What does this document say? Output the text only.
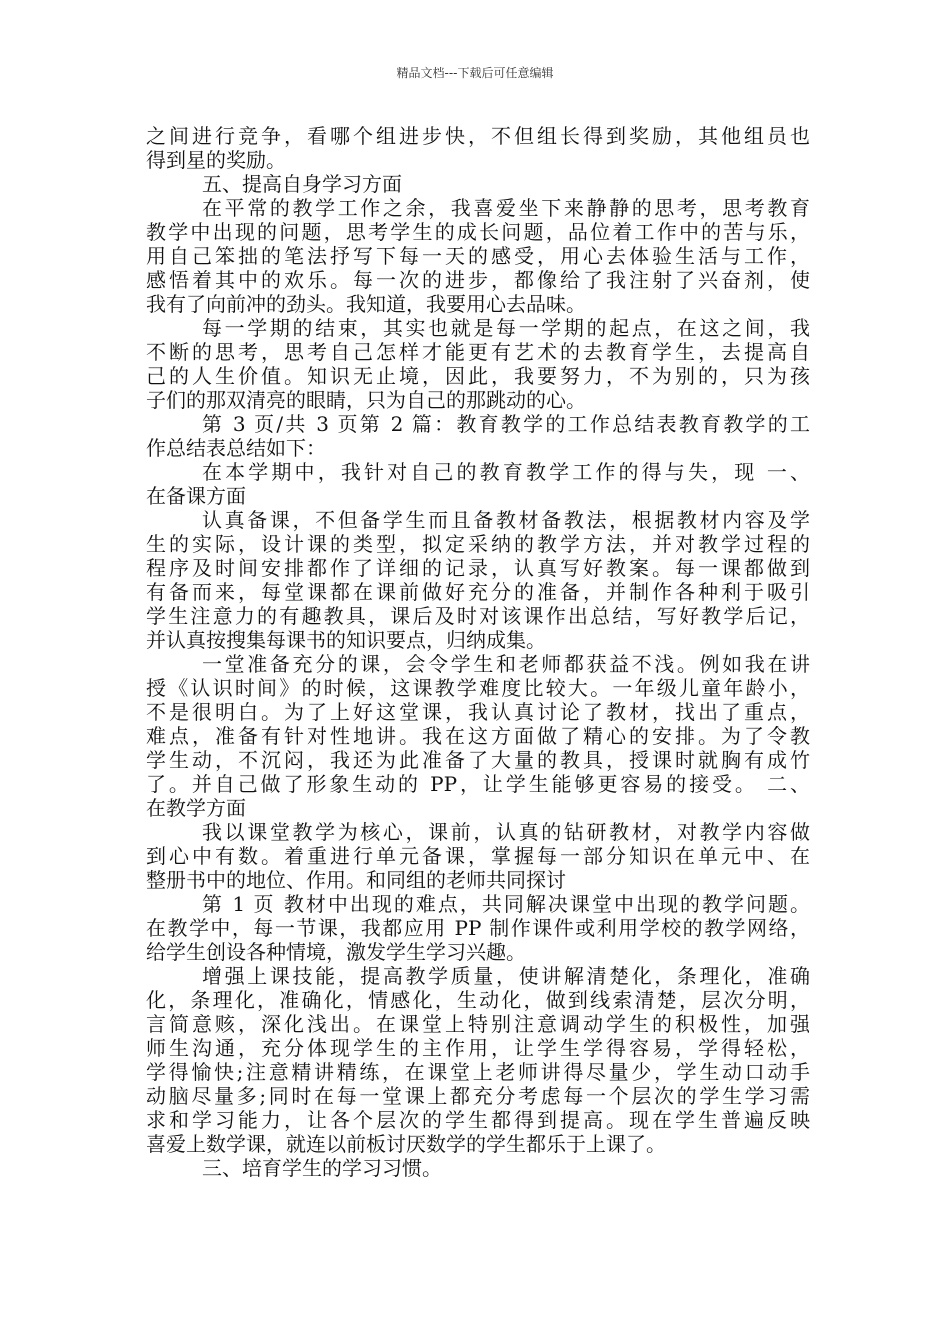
精品文档---下载后可任意编辑
之间进行竞争，看哪个组进步快，不但组长得到奖励，其他组员也
得到星的奖励。
五、提高自身学习方面
在平常的教学工作之余，我喜爱坐下来静静的思考，思考教育
教学中出现的问题，思考学生的成长问题，品位着工作中的苦与乐，
用自己笨拙的笔法抒写下每一天的感受，用心去体验生活与工作，
感悟着其中的欢乐。每一次的进步，都像给了我注射了兴奋剂，使
我有了向前冲的劲头。我知道，我要用心去品味。
每一学期的结束，其实也就是每一学期的起点，在这之间，我
不断的思考，思考自己怎样才能更有艺术的去教育学生，去提高自
己的人生价值。知识无止境，因此，我要努力，不为别的，只为孩
子们的那双清亮的眼睛，只为自己的那跳动的心。
第 3 页/共 3 页第 2 篇：教育教学的工作总结表教育教学的工
作总结表总结如下：
在本学期中，我针对自己的教育教学工作的得与失，现 一、
在备课方面
认真备课，不但备学生而且备教材备教法，根据教材内容及学
生的实际，设计课的类型，拟定采纳的教学方法，并对教学过程的
程序及时间安排都作了详细的记录，认真写好教案。每一课都做到
有备而来，每堂课都在课前做好充分的准备，并制作各种利于吸引
学生注意力的有趣教具，课后及时对该课作出总结，写好教学后记，
并认真按搜集每课书的知识要点，归纳成集。
一堂准备充分的课，会令学生和老师都获益不浅。例如我在讲
授《认识时间》的时候，这课教学难度比较大。一年级儿童年龄小，
不是很明白。为了上好这堂课，我认真讨论了教材，找出了重点，
难点，准备有针对性地讲。我在这方面做了精心的安排。为了令教
学生动，不沉闷，我还为此准备了大量的教具，授课时就胸有成竹
了。并自己做了形象生动的 PP，让学生能够更容易的接受。 二、
在教学方面
我以课堂教学为核心，课前，认真的钻研教材，对教学内容做
到心中有数。着重进行单元备课，掌握每一部分知识在单元中、在
整册书中的地位、作用。和同组的老师共同探讨
第 1 页 教材中出现的难点，共同解决课堂中出现的教学问题。
在教学中，每一节课，我都应用 PP 制作课件或利用学校的教学网络，
给学生创设各种情境，激发学生学习兴趣。
增强上课技能，提高教学质量，使讲解清楚化，条理化，准确
化，条理化，准确化，情感化，生动化，做到线索清楚，层次分明，
言简意赅，深化浅出。在课堂上特别注意调动学生的积极性，加强
师生沟通，充分体现学生的主作用，让学生学得容易，学得轻松，
学得愉快;注意精讲精练，在课堂上老师讲得尽量少，学生动口动手
动脑尽量多;同时在每一堂课上都充分考虑每一个层次的学生学习需
求和学习能力，让各个层次的学生都得到提高。现在学生普遍反映
喜爱上数学课，就连以前板讨厌数学的学生都乐于上课了。
三、培育学生的学习习惯。
